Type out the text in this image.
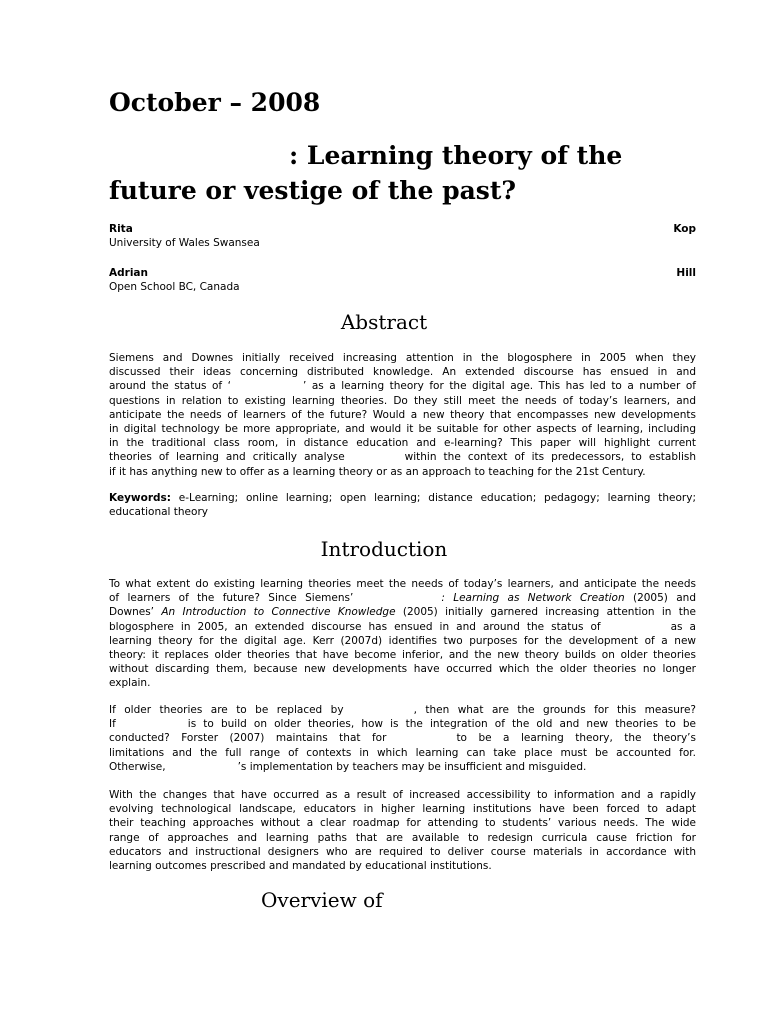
October – 2008
: Learning theory of the
future or vestige of the past?
Rita	Kop
University of Wales Swansea
Adrian	Hill
Open School BC, Canada
Abstract
Siemens and Downes initially received increasing attention in the blogosphere in 2005 when they
discussed their ideas concerning distributed knowledge. An extended discourse has ensued in and
around the status of ‘	’ as a learning theory for the digital age. This has led to a number of
questions in relation to existing learning theories. Do they still meet the needs of today’s learners, and
anticipate the needs of learners of the future? Would a new theory that encompasses new developments
in digital technology be more appropriate, and would it be suitable for other aspects of learning, including
in the traditional class room, in distance education and e-learning? This paper will highlight current
theories of learning and critically analyse	within the context of its predecessors, to establish
if it has anything new to offer as a learning theory or as an approach to teaching for the 21st Century.
Keywords: e-Learning; online learning; open learning; distance education; pedagogy; learning theory;
educational theory
Introduction
To what extent do existing learning theories meet the needs of today’s learners, and anticipate the needs
of learners of the future? Since Siemens’	: Learning as Network Creation (2005) and
Downes’ An Introduction to Connective Knowledge (2005) initially garnered increasing attention in the
blogosphere in 2005, an extended discourse has ensued in and around the status of	as a
learning theory for the digital age. Kerr (2007d) identifies two purposes for the development of a new
theory: it replaces older theories that have become inferior, and the new theory builds on older theories
without discarding them, because new developments have occurred which the older theories no longer
explain.
If older theories are to be replaced by	, then what are the grounds for this measure?
If	is to build on older theories, how is the integration of the old and new theories to be
conducted? Forster (2007) maintains that for	to be a learning theory, the theory’s
limitations and the full range of contexts in which learning can take place must be accounted for.
Otherwise,	’s implementation by teachers may be insufficient and misguided.
With the changes that have occurred as a result of increased accessibility to information and a rapidly
evolving technological landscape, educators in higher learning institutions have been forced to adapt
their teaching approaches without a clear roadmap for attending to students’ various needs. The wide
range of approaches and learning paths that are available to redesign curricula cause friction for
educators and instructional designers who are required to deliver course materials in accordance with
learning outcomes prescribed and mandated by educational institutions.
Overview of
